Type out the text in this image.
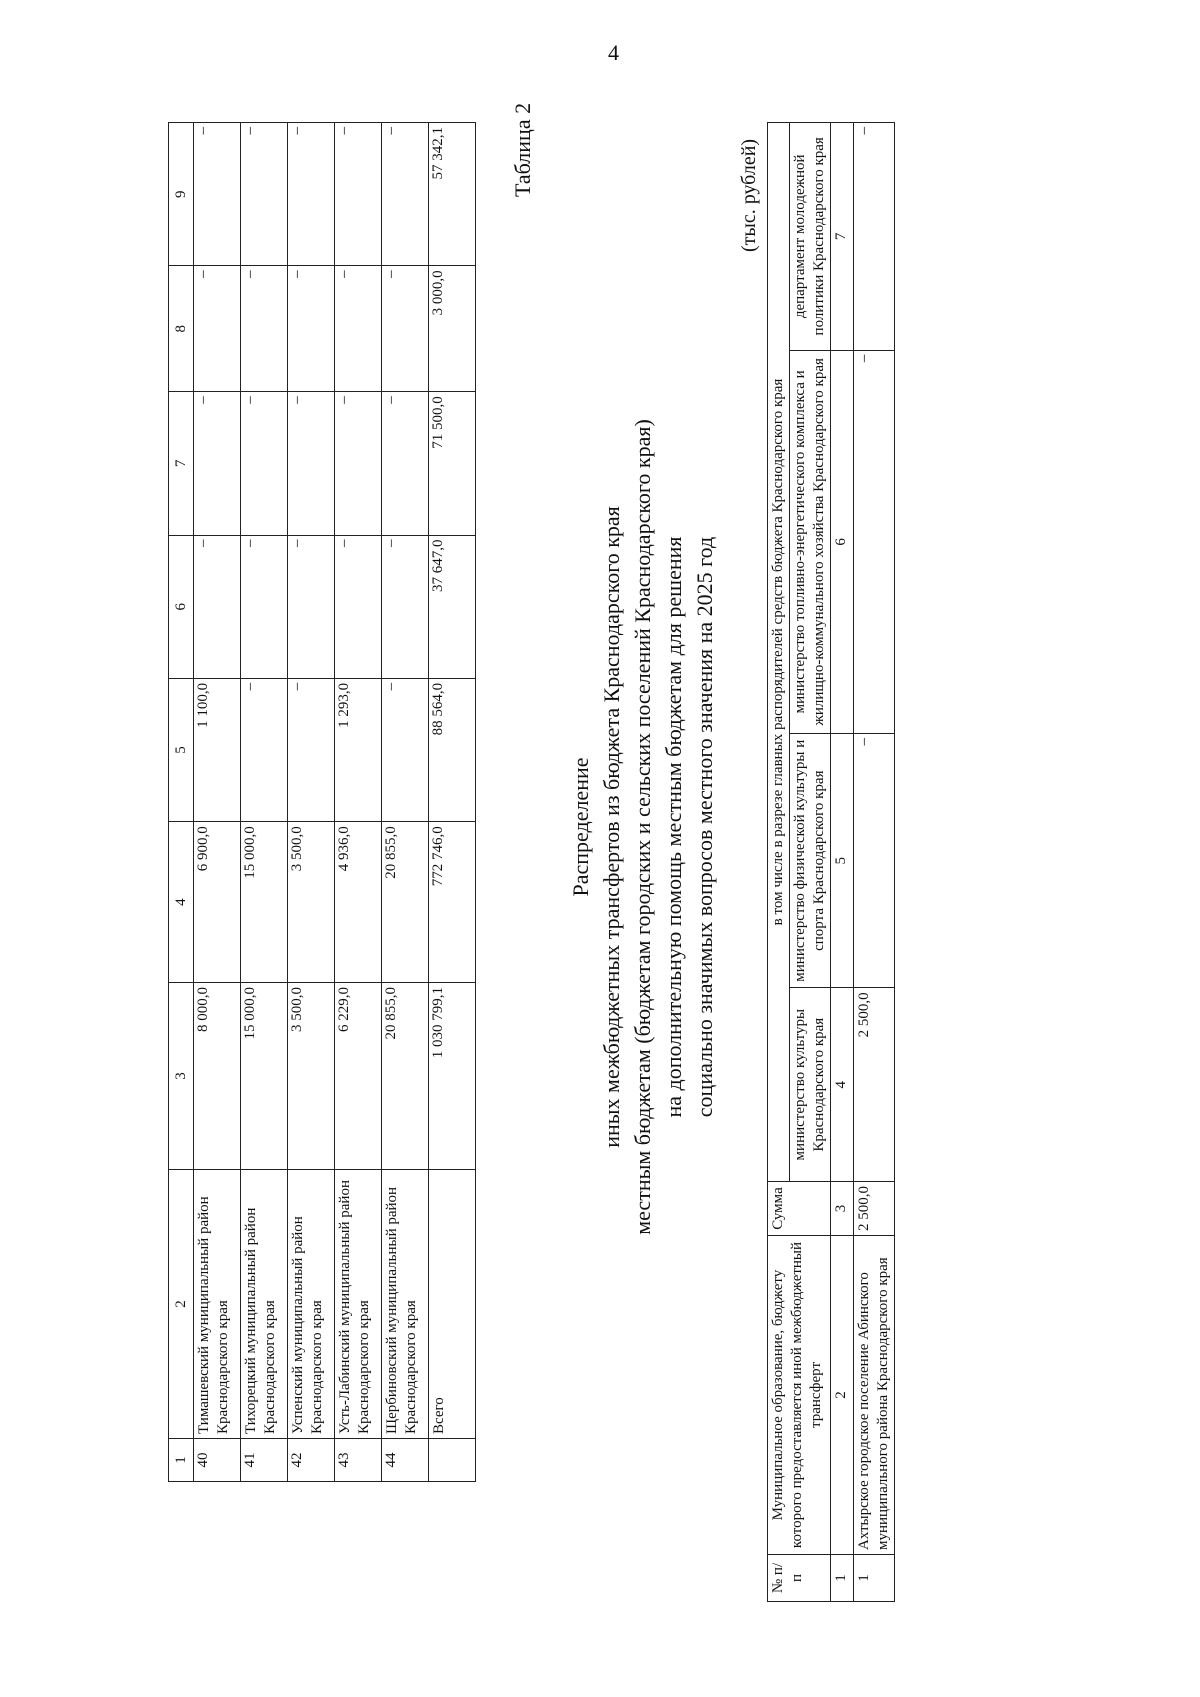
4
1	2	3	4	5	6	7	8	9
40	Тимашевский муниципальный район Краснодарского края	8 000,0	6 900,0	1 100,0	–	–	–	–
41	Тихорецкий муниципальный район Краснодарского края	15 000,0	15 000,0	–	–	–	–	–
42	Успенский муниципальный район Краснодарского края	3 500,0	3 500,0	–	–	–	–	–
43	Усть-Лабинский муниципальный район Краснодарского края	6 229,0	4 936,0	1 293,0	–	–	–	–
44	Щербиновский муниципальный район Краснодарского края	20 855,0	20 855,0	–	–	–	–	–
	Всего	1 030 799,1	772 746,0	88 564,0	37 647,0	71 500,0	3 000,0	57 342,1	Таблица 2
Распределение иных межбюджетных трансфертов из бюджета Краснодарского края местным бюджетам (бюджетам городских и сельских поселений Краснодарского края) на дополнительную помощь местным бюджетам для решения социально значимых вопросов местного значения на 2025 год
(тыс. рублей)
№ п/п	Муниципальное образование, бюджету которого предоставляется иной межбюджетный трансферт	Сумма	в том числе в разрезе главных распорядителей средств бюджета Краснодарского края			
			министерство культуры Краснодарского края	министерство физической культуры и спорта Краснодарского края	министерство топливно-энергетического комплекса и жилищно-коммунального хозяйства Краснодарского края	департамент молодежной политики Краснодарского края
1	2	3	4	5	6	7
1	Ахтырское городское поселение Абинского муниципального района Краснодарского края	2 500,0	2 500,0	–	–	–
